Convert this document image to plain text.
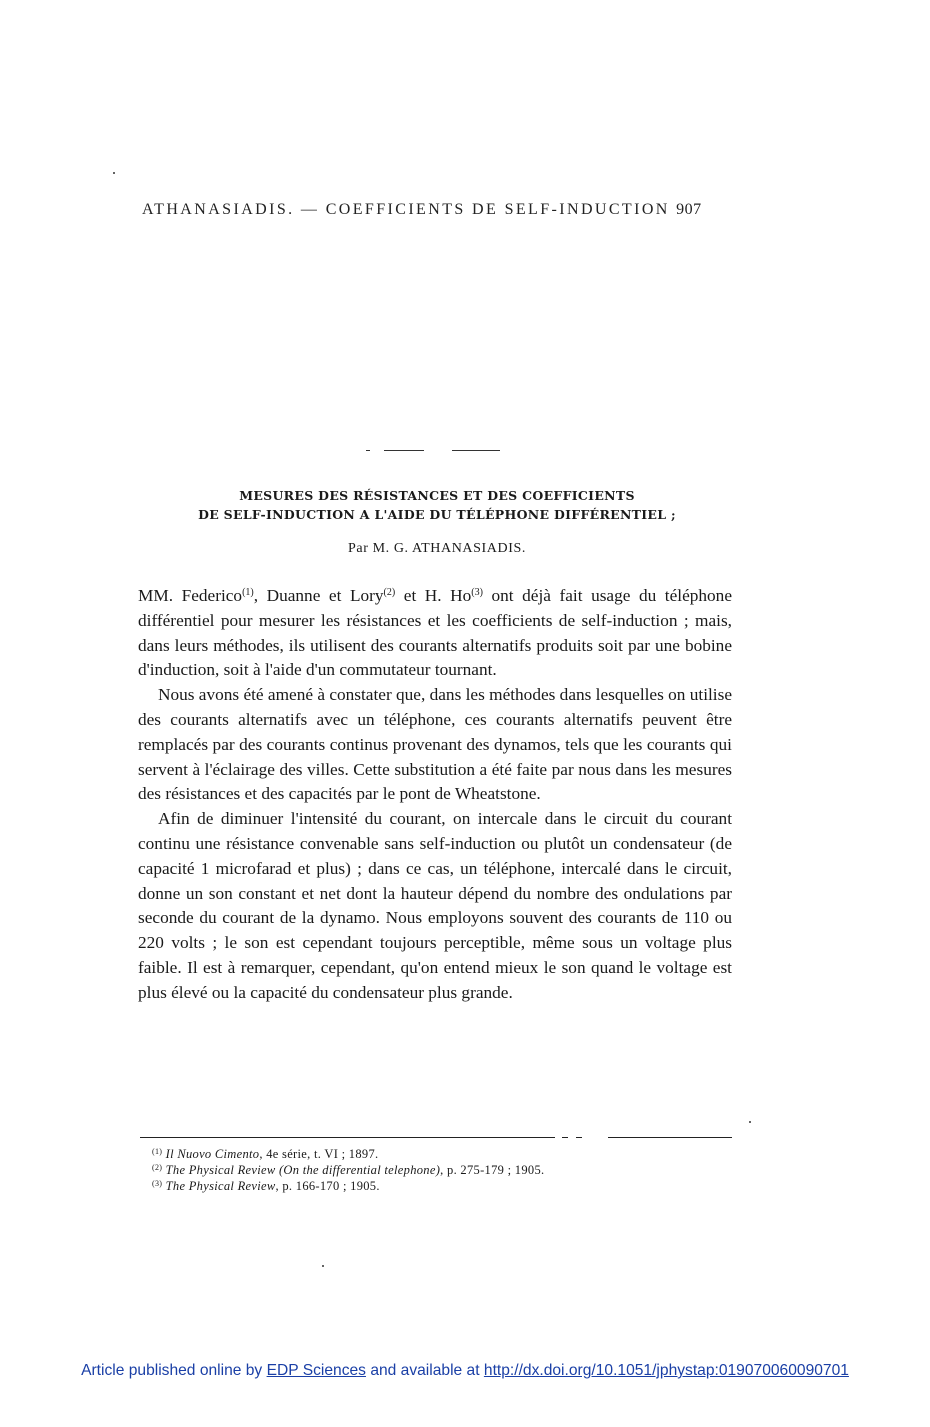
ATHANASIADIS. — COEFFICIENTS DE SELF-INDUCTION 907
MESURES DES RÉSISTANCES ET DES COEFFICIENTS
DE SELF-INDUCTION A L'AIDE DU TÉLÉPHONE DIFFÉRENTIEL ;
Par M. G. ATHANASIADIS.

MM. Federico$^{(1)}$, Duanne et Lory$^{(2)}$ et H. Ho$^{(3)}$ ont déjà fait usage du téléphone différentiel pour mesurer les résistances et les coefficients de self-induction ; mais, dans leurs méthodes, ils utilisent des courants alternatifs produits soit par une bobine d'induction, soit à l'aide d'un commutateur tournant.

Nous avons été amené à constater que, dans les méthodes dans lesquelles on utilise des courants alternatifs avec un téléphone, ces courants alternatifs peuvent être remplacés par des courants continus provenant des dynamos, tels que les courants qui servent à l'éclairage des villes. Cette substitution a été faite par nous dans les mesures des résistances et des capacités par le pont de Wheatstone.

Afin de diminuer l'intensité du courant, on intercale dans le circuit du courant continu une résistance convenable sans self-induction ou plutôt un condensateur (de capacité 1 microfarad et plus) ; dans ce cas, un téléphone, intercalé dans le circuit, donne un son constant et net dont la hauteur dépend du nombre des ondulations par seconde du courant de la dynamo. Nous employons souvent des courants de 110 ou 220 volts ; le son est cependant toujours perceptible, même sous un voltage plus faible. Il est à remarquer, cependant, qu'on entend mieux le son quand le voltage est plus élevé ou la capacité du condensateur plus grande.

$^{(1)}$ Il Nuovo Cimento, 4e série, t. VI ; 1897.
$^{(2)}$ The Physical Review (On the differential telephone), p. 275-179 ; 1905.
$^{(3)}$ The Physical Review, p. 166-170 ; 1905.
Article published online by EDP Sciences and available at http://dx.doi.org/10.1051/jphystap:019070060090701
